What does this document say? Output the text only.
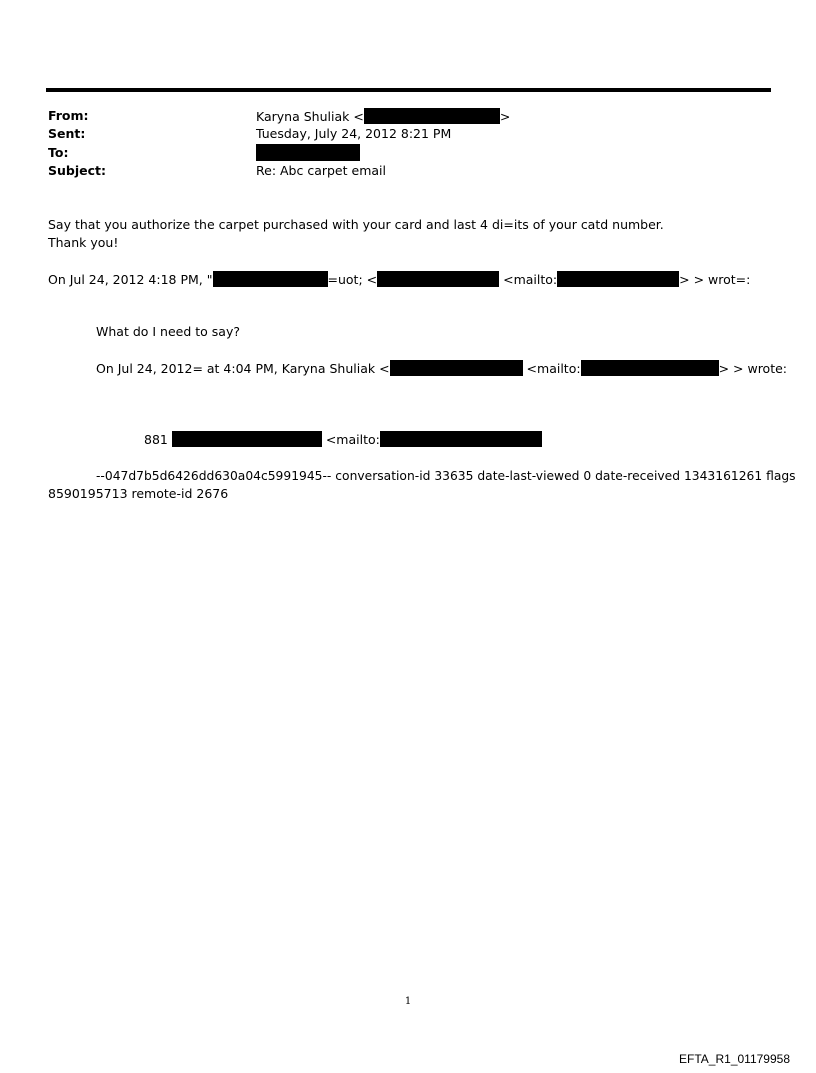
From:	Karyna Shuliak <	>
Sent:	Tuesday, July 24, 2012 8:21 PM
To:
Subject:	Re: Abc carpet email
Say that you authorize the carpet purchased with your card and last 4 di=its of your catd number.
Thank you!
On Jul 24, 2012 4:18 PM, "	=uot; <	<mailto:	> > wrot=:
What do I need to say?
On Jul 24, 2012= at 4:04 PM, Karyna Shuliak <	<mailto:	> > wrote:
881	<mailto:
--047d7b5d6426dd630a04c5991945-- conversation-id 33635 date-last-viewed 0 date-received 1343161261 flags
8590195713 remote-id 2676
1
EFTA_R1_01179958
